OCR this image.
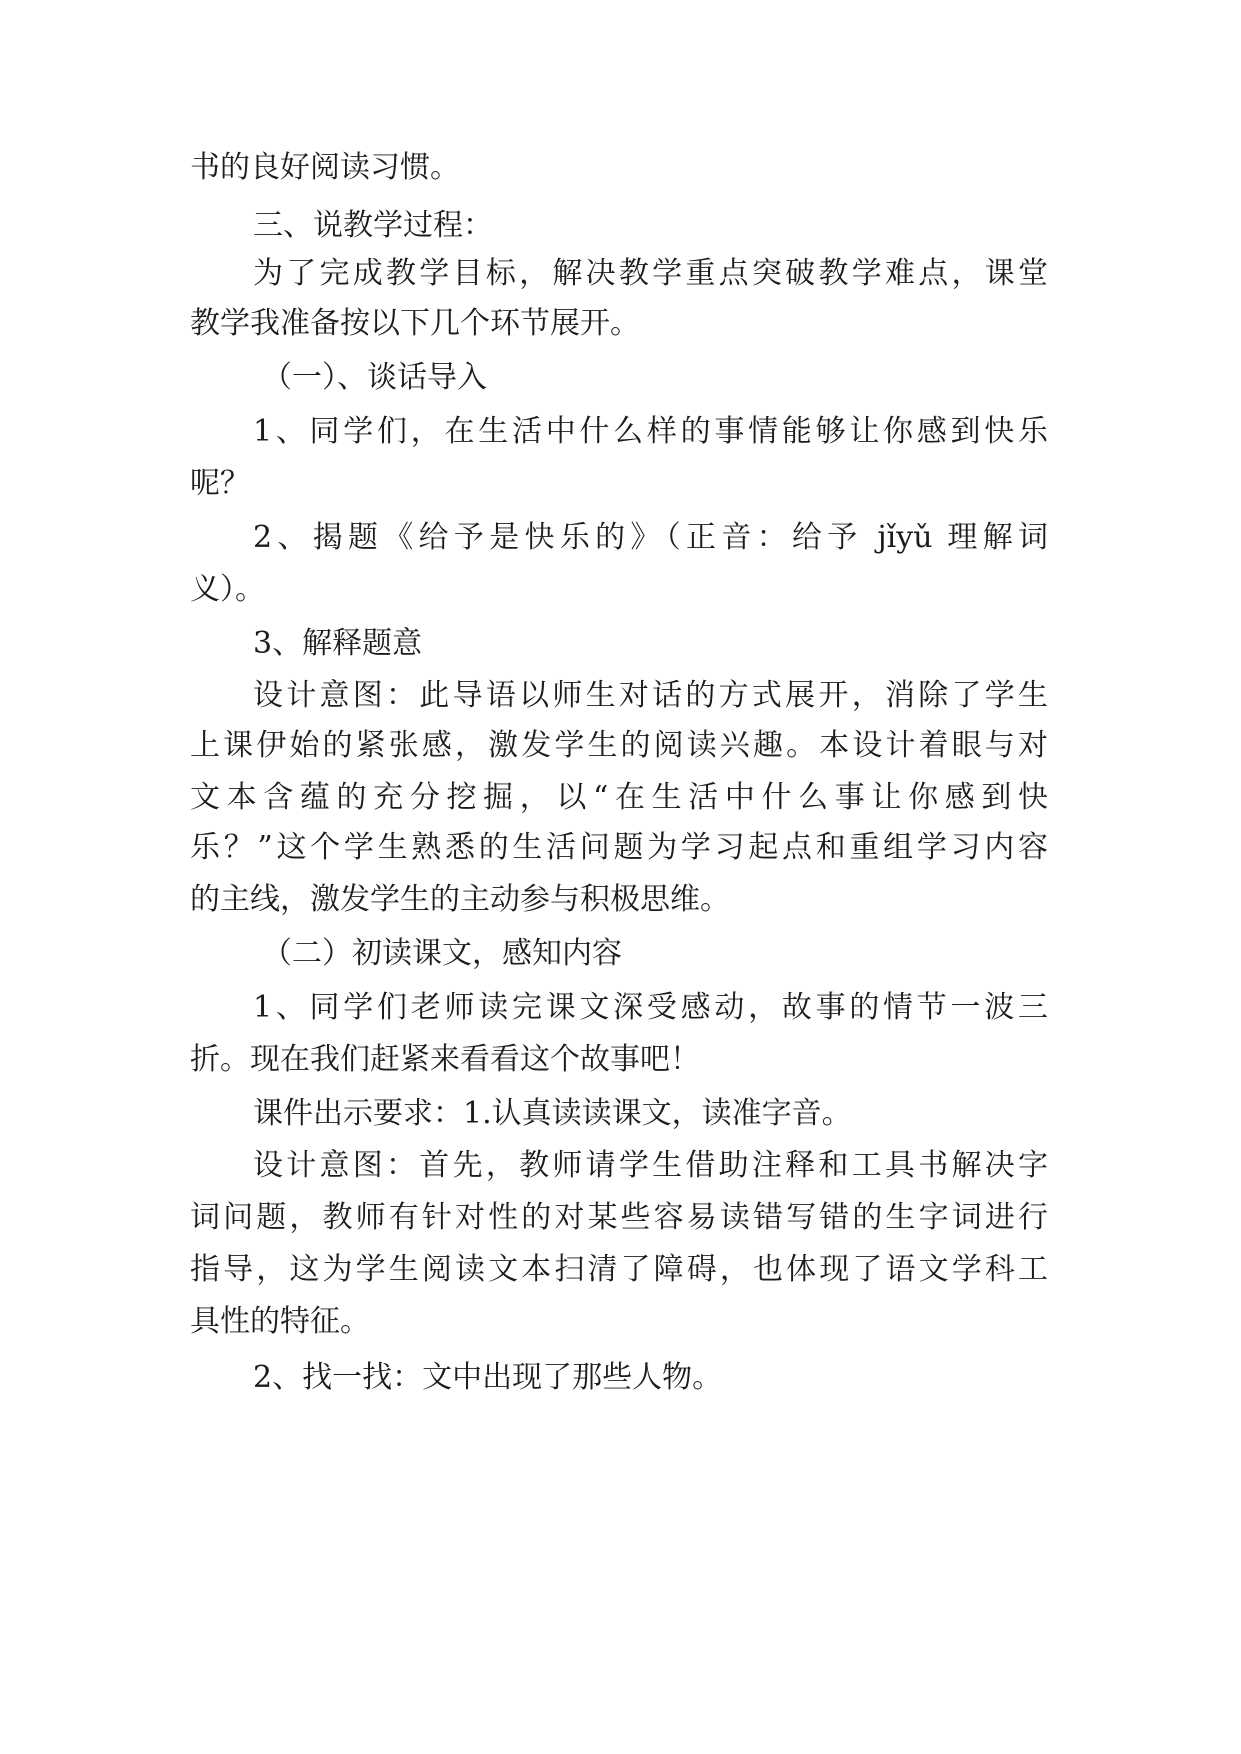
书的良好阅读习惯。

三、说教学过程：

为了完成教学目标，解决教学重点突破教学难点，课堂

教学我准备按以下几个环节展开。

（一）、谈话导入

1、同学们，在生活中什么样的事情能够让你感到快乐

呢？

2、揭题《给予是快乐的》（正音：给予 jǐyǔ 理解词

义）。

3、解释题意

设计意图：此导语以师生对话的方式展开，消除了学生

上课伊始的紧张感，激发学生的阅读兴趣。本设计着眼与对

文本含蕴的充分挖掘，以“在生活中什么事让你感到快

乐？”这个学生熟悉的生活问题为学习起点和重组学习内容

的主线，激发学生的主动参与积极思维。

（二）初读课文，感知内容

1、同学们老师读完课文深受感动，故事的情节一波三

折。现在我们赶紧来看看这个故事吧！

课件出示要求：1.认真读读课文，读准字音。

设计意图：首先，教师请学生借助注释和工具书解决字

词问题，教师有针对性的对某些容易读错写错的生字词进行

指导，这为学生阅读文本扫清了障碍，也体现了语文学科工

具性的特征。

2、找一找：文中出现了那些人物。
